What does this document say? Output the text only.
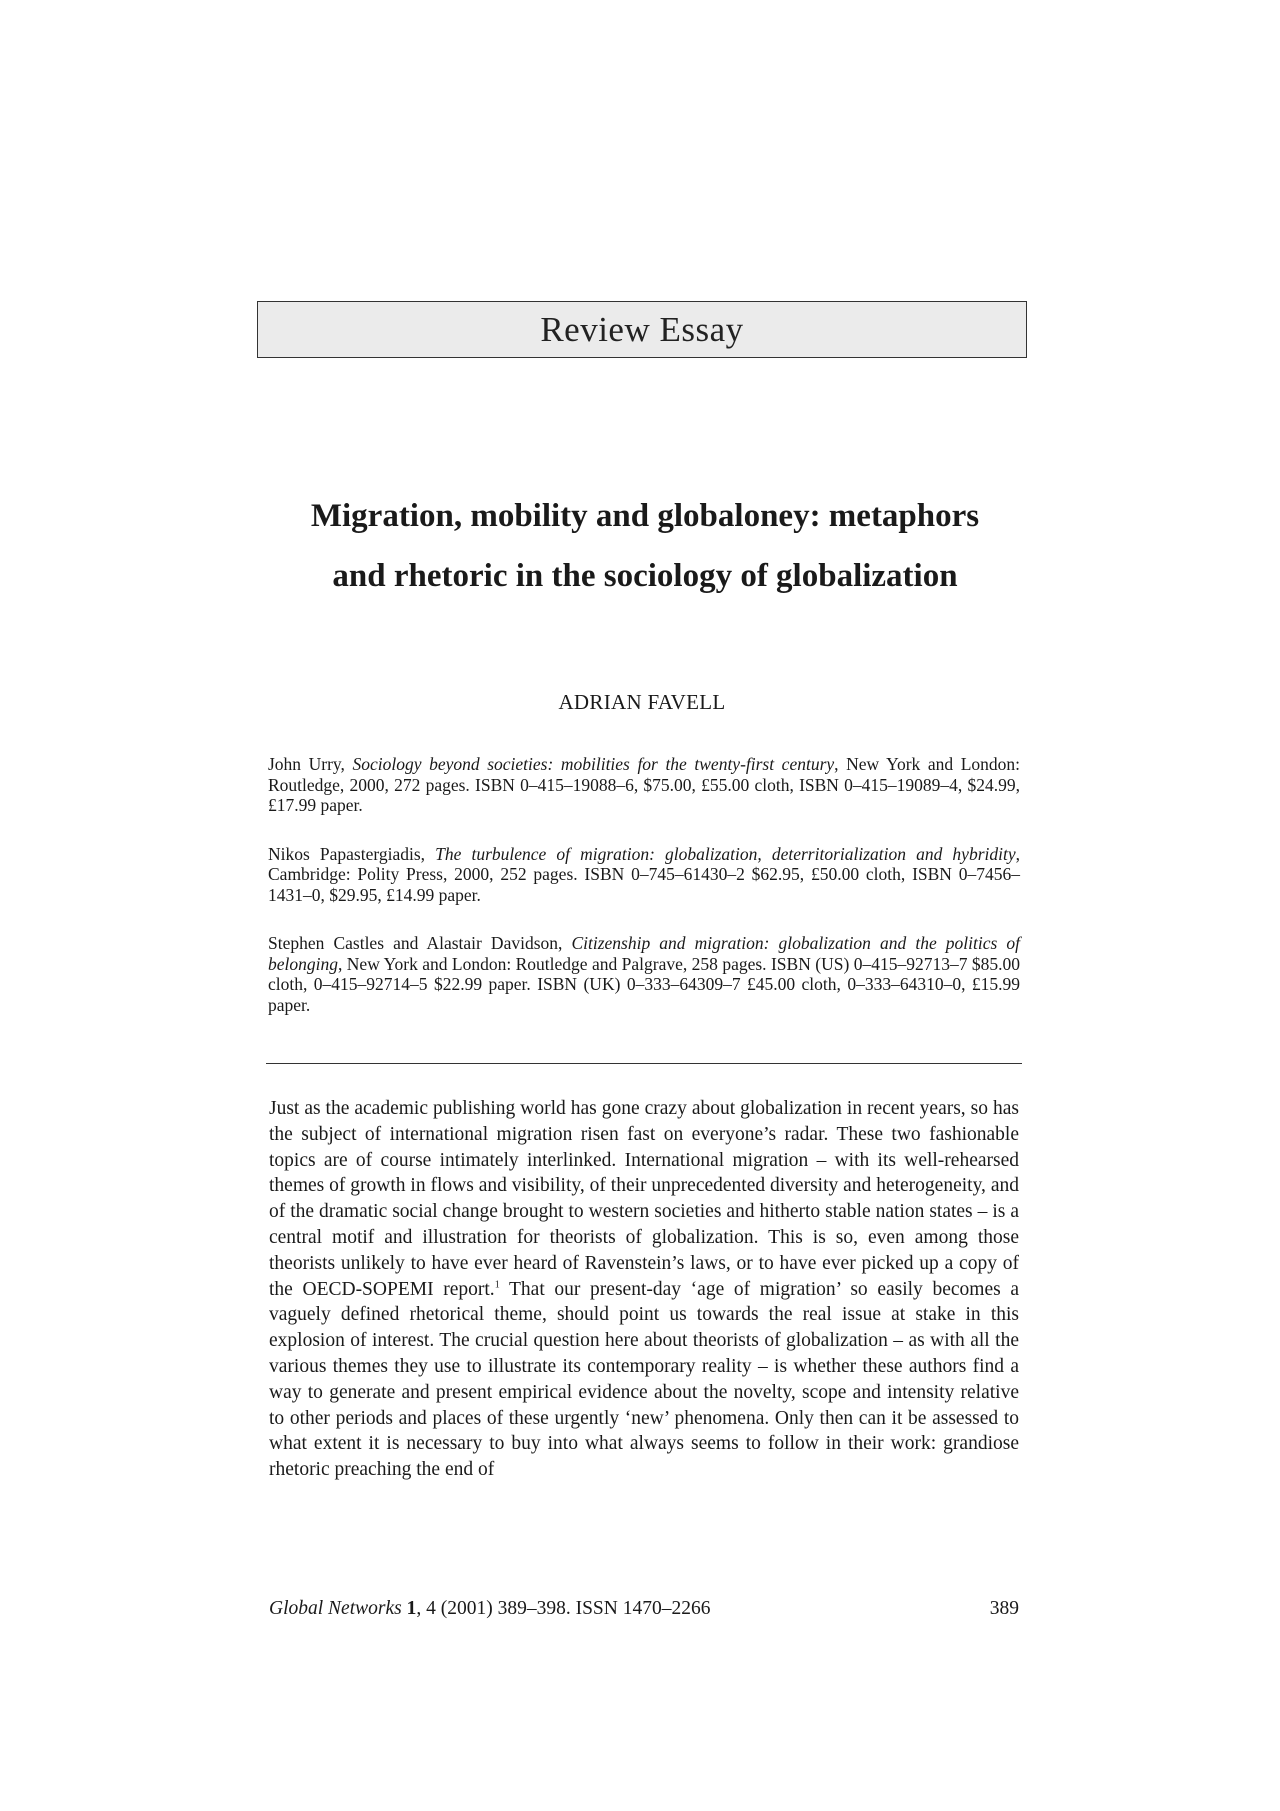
Review Essay
Migration, mobility and globaloney: metaphors
and rhetoric in the sociology of globalization

ADRIAN FAVELL

John Urry, Sociology beyond societies: mobilities for the twenty-first century, New York and London: Routledge, 2000, 272 pages. ISBN 0–415–19088–6, $75.00, £55.00 cloth, ISBN 0–415–19089–4, $24.99, £17.99 paper.

Nikos Papastergiadis, The turbulence of migration: globalization, deterritorialization and hybridity, Cambridge: Polity Press, 2000, 252 pages. ISBN 0–745–61430–2 $62.95, £50.00 cloth, ISBN 0–7456–1431–0, $29.95, £14.99 paper.

Stephen Castles and Alastair Davidson, Citizenship and migration: globalization and the politics of belonging, New York and London: Routledge and Palgrave, 258 pages. ISBN (US) 0–415–92713–7 $85.00 cloth, 0–415–92714–5 $22.99 paper. ISBN (UK) 0–333–64309–7 £45.00 cloth, 0–333–64310–0, £15.99 paper.

Just as the academic publishing world has gone crazy about globalization in recent years, so has the subject of international migration risen fast on everyone’s radar. These two fashionable topics are of course intimately interlinked. International migration – with its well-rehearsed themes of growth in flows and visibility, of their unprecedented diversity and heterogeneity, and of the dramatic social change brought to western societies and hitherto stable nation states – is a central motif and illustration for theorists of globalization. This is so, even among those theorists unlikely to have ever heard of Ravenstein’s laws, or to have ever picked up a copy of the OECD-SOPEMI report.$^1$ That our present-day ‘age of migration’ so easily becomes a vaguely defined rhetorical theme, should point us towards the real issue at stake in this explosion of interest. The crucial question here about theorists of globalization – as with all the various themes they use to illustrate its contemporary reality – is whether these authors find a way to generate and present empirical evidence about the novelty, scope and intensity relative to other periods and places of these urgently ‘new’ phenomena. Only then can it be assessed to what extent it is necessary to buy into what always seems to follow in their work: grandiose rhetoric preaching the end of

Global Networks 1, 4 (2001) 389–398. ISSN 1470–2266	389
